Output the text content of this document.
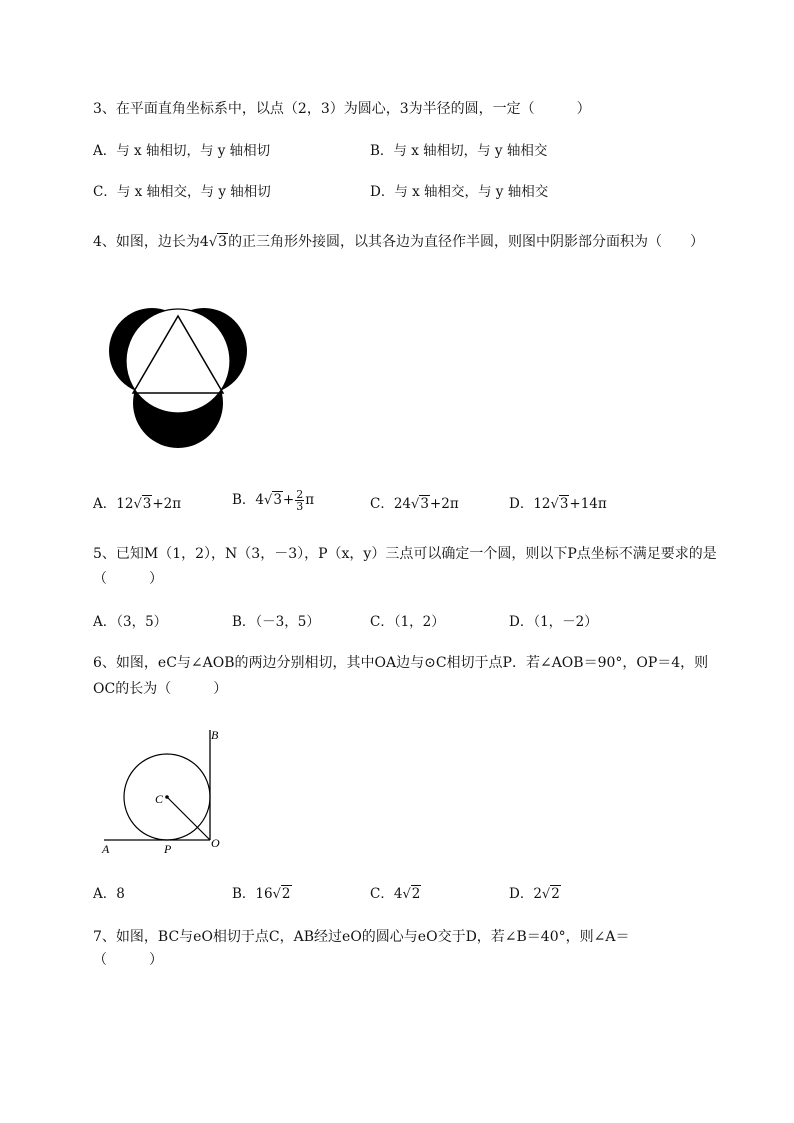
3、在平面直角坐标系中，以点（2，3）为圆心，3为半径的圆，一定（　　　）
A．与 x 轴相切，与 y 轴相切	B．与 x 轴相切，与 y 轴相交
C．与 x 轴相交，与 y 轴相切	D．与 x 轴相交，与 y 轴相交
4、如图，边长为4√3的正三角形外接圆，以其各边为直径作半圆，则图中阴影部分面积为（　　）
A．12√3+2π	B．$4√3+ \frac{2}{3}$ π	C．24√3+2π	D．12√3+14π
5、已知M（1，2），N（3，－3），P（x，y）三点可以确定一个圆，则以下P点坐标不满足要求的是
（　　　）
A．（3，5）	B．（－3，5）	C．（1，2）	D．（1，－2）
6、如图，eC与∠AOB的两边分别相切，其中OA边与⊙C相切于点P．若∠AOB＝90°，OP＝4，则
OC的长为（　　　）
B
C
A	P	O
A．8	B．16√2	C．4√2	D．2√2
7、如图，BC与eO相切于点C，AB经过eO的圆心与eO交于D，若∠B＝40°，则∠A＝
（　　　）
